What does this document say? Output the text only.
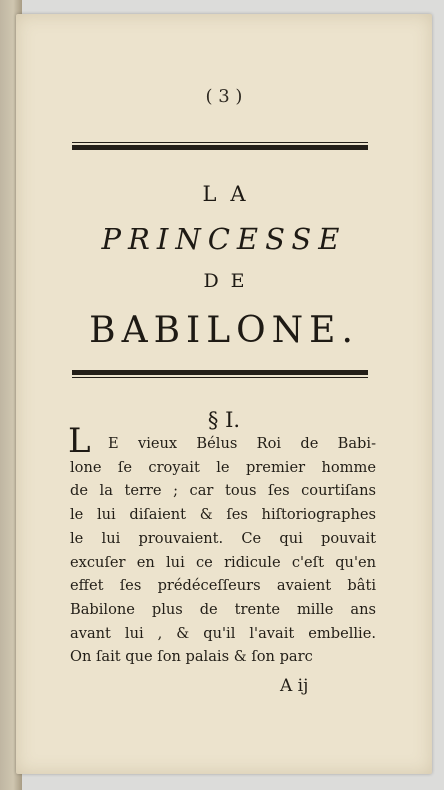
( 3 )
LA
PRINCESSE
DE
BABILONE.
§ I.
L	E vieux Bélus Roi de Babi-
lone ſe croyait le premier homme
de la terre ; car tous ſes courtiſans
le lui diſaient & ſes hiſtoriographes
le lui prouvaient. Ce qui pouvait
excuſer en lui ce ridicule c'eſt qu'en
effet ſes prédéceſſeurs avaient bâti
Babilone plus de trente mille ans
avant lui , & qu'il l'avait embellie.
On ſait que ſon palais & ſon parc
A ij
